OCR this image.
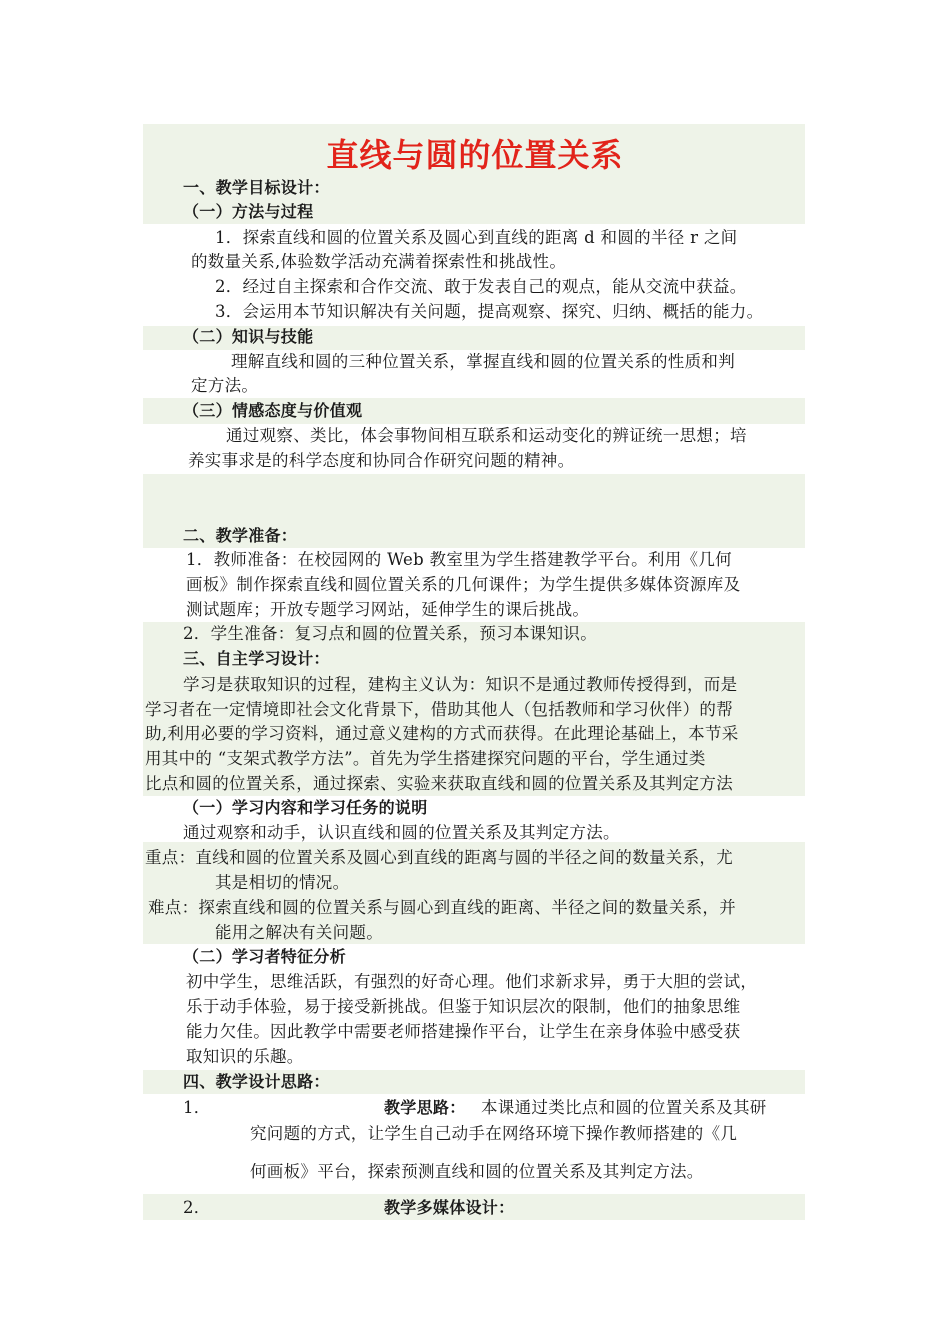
直线与圆的位置关系
一、教学目标设计：
（一）方法与过程
1．探索直线和圆的位置关系及圆心到直线的距离 d 和圆的半径 r 之间
的数量关系,体验数学活动充满着探索性和挑战性。
2．经过自主探索和合作交流、敢于发表自己的观点，能从交流中获益。
3．会运用本节知识解决有关问题，提高观察、探究、归纳、概括的能力。
（二）知识与技能
理解直线和圆的三种位置关系，掌握直线和圆的位置关系的性质和判
定方法。
（三）情感态度与价值观
通过观察、类比，体会事物间相互联系和运动变化的辨证统一思想；培
养实事求是的科学态度和协同合作研究问题的精神。
二、教学准备：
1．教师准备：在校园网的 Web 教室里为学生搭建教学平台。利用《几何
画板》制作探索直线和圆位置关系的几何课件；为学生提供多媒体资源库及
测试题库；开放专题学习网站，延伸学生的课后挑战。
2．学生准备：复习点和圆的位置关系，预习本课知识。
三、自主学习设计：
学习是获取知识的过程，建构主义认为：知识不是通过教师传授得到，而是
学习者在一定情境即社会文化背景下，借助其他人（包括教师和学习伙伴）的帮
助,利用必要的学习资料，通过意义建构的方式而获得。在此理论基础上，本节采
用其中的 “支架式教学方法”。首先为学生搭建探究问题的平台，学生通过类
比点和圆的位置关系，通过探索、实验来获取直线和圆的位置关系及其判定方法
（一）学习内容和学习任务的说明
通过观察和动手，认识直线和圆的位置关系及其判定方法。
重点：直线和圆的位置关系及圆心到直线的距离与圆的半径之间的数量关系，尤
其是相切的情况。
难点：探索直线和圆的位置关系与圆心到直线的距离、半径之间的数量关系，并
能用之解决有关问题。
（二）学习者特征分析
初中学生，思维活跃，有强烈的好奇心理。他们求新求异，勇于大胆的尝试，
乐于动手体验，易于接受新挑战。但鉴于知识层次的限制，他们的抽象思维
能力欠佳。因此教学中需要老师搭建操作平台，让学生在亲身体验中感受获
取知识的乐趣。
四、教学设计思路：
1．	教学思路： 本课通过类比点和圆的位置关系及其研
究问题的方式，让学生自己动手在网络环境下操作教师搭建的《几
何画板》平台，探索预测直线和圆的位置关系及其判定方法。
2．	教学多媒体设计：
